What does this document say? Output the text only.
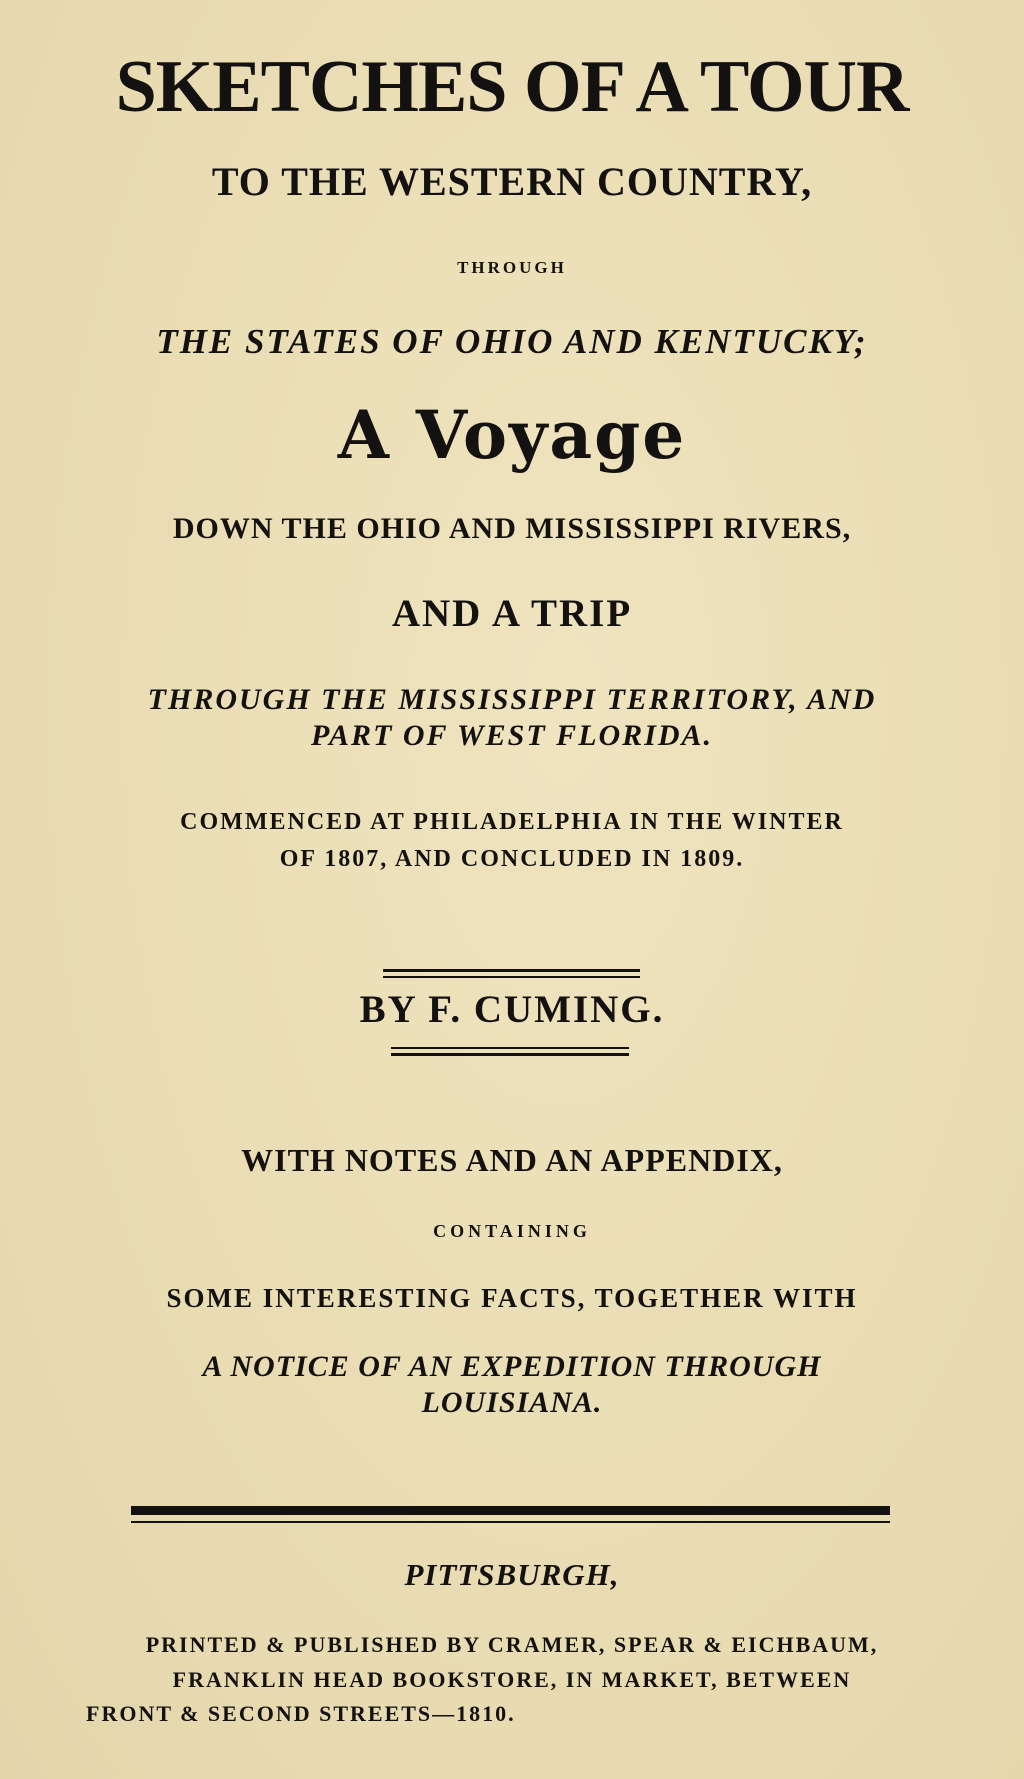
SKETCHES OF A TOUR
TO THE WESTERN COUNTRY,
THROUGH
THE STATES OF OHIO AND KENTUCKY;
A Voyage
DOWN THE OHIO AND MISSISSIPPI RIVERS,
AND A TRIP
THROUGH THE MISSISSIPPI TERRITORY, AND
PART OF WEST FLORIDA.
COMMENCED AT PHILADELPHIA IN THE WINTER
OF 1807, AND CONCLUDED IN 1809.
BY F. CUMING.
WITH NOTES AND AN APPENDIX,
CONTAINING
SOME INTERESTING FACTS, TOGETHER WITH
A NOTICE OF AN EXPEDITION THROUGH
LOUISIANA.
PITTSBURGH,
PRINTED & PUBLISHED BY CRAMER, SPEAR & EICHBAUM,
FRANKLIN HEAD BOOKSTORE, IN MARKET, BETWEEN
FRONT & SECOND STREETS—1810.
